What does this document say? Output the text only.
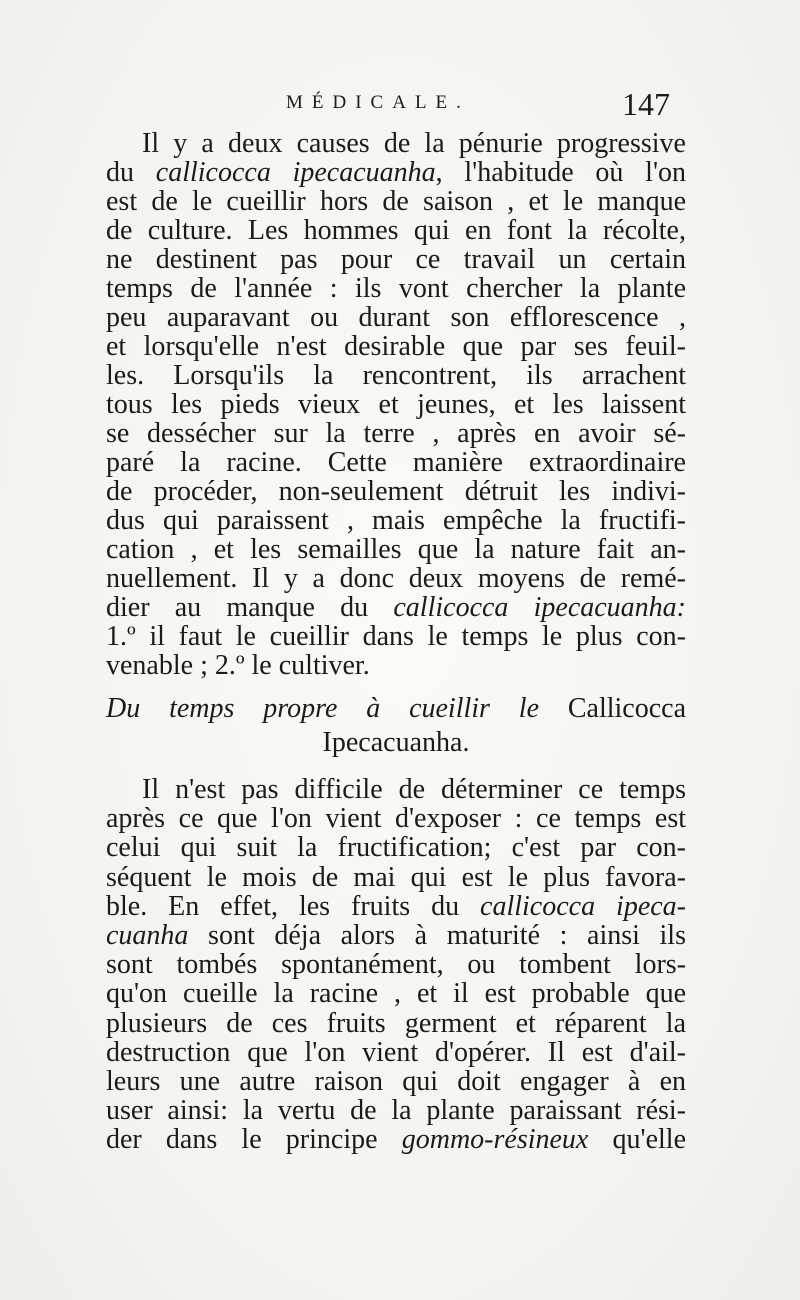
MÉDICALE.	147
Il y a deux causes de la pénurie progressive
du callicocca ipecacuanha, l'habitude où l'on
est de le cueillir hors de saison , et le manque
de culture. Les hommes qui en font la récolte,
ne destinent pas pour ce travail un certain
temps de l'année : ils vont chercher la plante
peu auparavant ou durant son efflorescence ,
et lorsqu'elle n'est desirable que par ses feuil-
les. Lorsqu'ils la rencontrent, ils arrachent
tous les pieds vieux et jeunes, et les laissent
se dessécher sur la terre , après en avoir sé-
paré la racine. Cette manière extraordinaire
de procéder, non-seulement détruit les indivi-
dus qui paraissent , mais empêche la fructifi-
cation , et les semailles que la nature fait an-
nuellement. Il y a donc deux moyens de remé-
dier au manque du callicocca ipecacuanha:
1.º il faut le cueillir dans le temps le plus con-
venable ; 2.º le cultiver.
Du temps propre à cueillir le Callicocca
Ipecacuanha.
Il n'est pas difficile de déterminer ce temps
après ce que l'on vient d'exposer : ce temps est
celui qui suit la fructification; c'est par con-
séquent le mois de mai qui est le plus favora-
ble. En effet, les fruits du callicocca ipeca-
cuanha sont déja alors à maturité : ainsi ils
sont tombés spontanément, ou tombent lors-
qu'on cueille la racine , et il est probable que
plusieurs de ces fruits germent et réparent la
destruction que l'on vient d'opérer. Il est d'ail-
leurs une autre raison qui doit engager à en
user ainsi: la vertu de la plante paraissant rési-
der dans le principe gommo-résineux qu'elle
